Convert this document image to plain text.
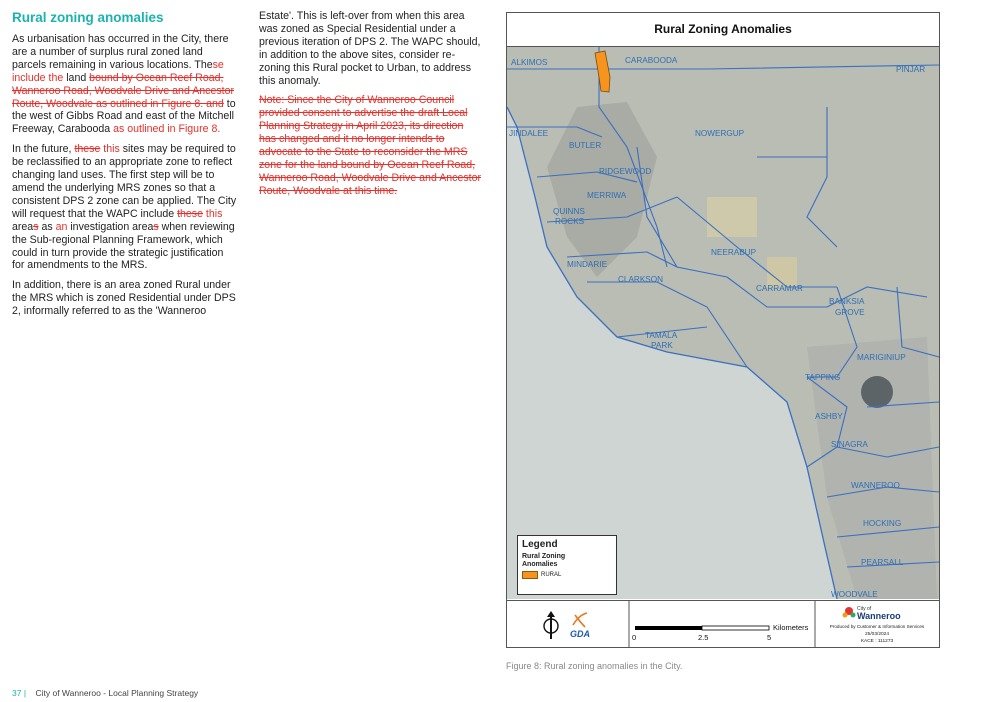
Rural zoning anomalies

As urbanisation has occurred in the City, there are a number of surplus rural zoned land parcels remaining in various locations. These include the land bound by Ocean Reef Road, Wanneroo Road, Woodvale Drive and Ancestor Route, Woodvale as outlined in Figure 8. and to the west of Gibbs Road and east of the Mitchell Freeway, Carabooda as outlined in Figure 8.

In the future, these this sites may be required to be reclassified to an appropriate zone to reflect changing land uses. The first step will be to amend the underlying MRS zones so that a consistent DPS 2 zone can be applied. The City will request that the WAPC include these this areas as an investigation areas when reviewing the Sub-regional Planning Framework, which could in turn provide the strategic justification for amendments to the MRS.

In addition, there is an area zoned Rural under the MRS which is zoned Residential under DPS 2, informally referred to as the 'Wanneroo

Estate'. This is left-over from when this area was zoned as Special Residential under a previous iteration of DPS 2. The WAPC should, in addition to the above sites, consider re-zoning this Rural pocket to Urban, to address this anomaly.

Note: Since the City of Wanneroo Council provided consent to advertise the draft Local Planning Strategy in April 2023, its direction has changed and it no longer intends to advocate to the State to reconsider the MRS zone for the land bound by Ocean Reef Road, Wanneroo Road, Woodvale Drive and Ancestor Route, Woodvale at this time.

Rural Zoning Anomalies
ALKIMOS	CARABOODA
PINJAR
JINDALEE
BUTLER
NOWERGUP
RIDGEWOOD
MERRIWA
QUINNS
ROCKS
NEERABUP
MINDARIE
CLARKSON
CARRAMAR
BANKSIA
GROVE
TAMALA
PARK
MARIGINIUP
TAPPING
ASHBY
SINAGRA
WANNEROO
HOCKING
PEARSALL
WOODVALE
Legend
Rural Zoning
Anomalies
RURAL
GDA	0	2.5	5
Kilometers
City of
Wanneroo
Produced by Customer & Information Services
25/03/2024
KACE : 111273
Figure 8: Rural zoning anomalies in the City.
37 | City of Wanneroo - Local Planning Strategy
